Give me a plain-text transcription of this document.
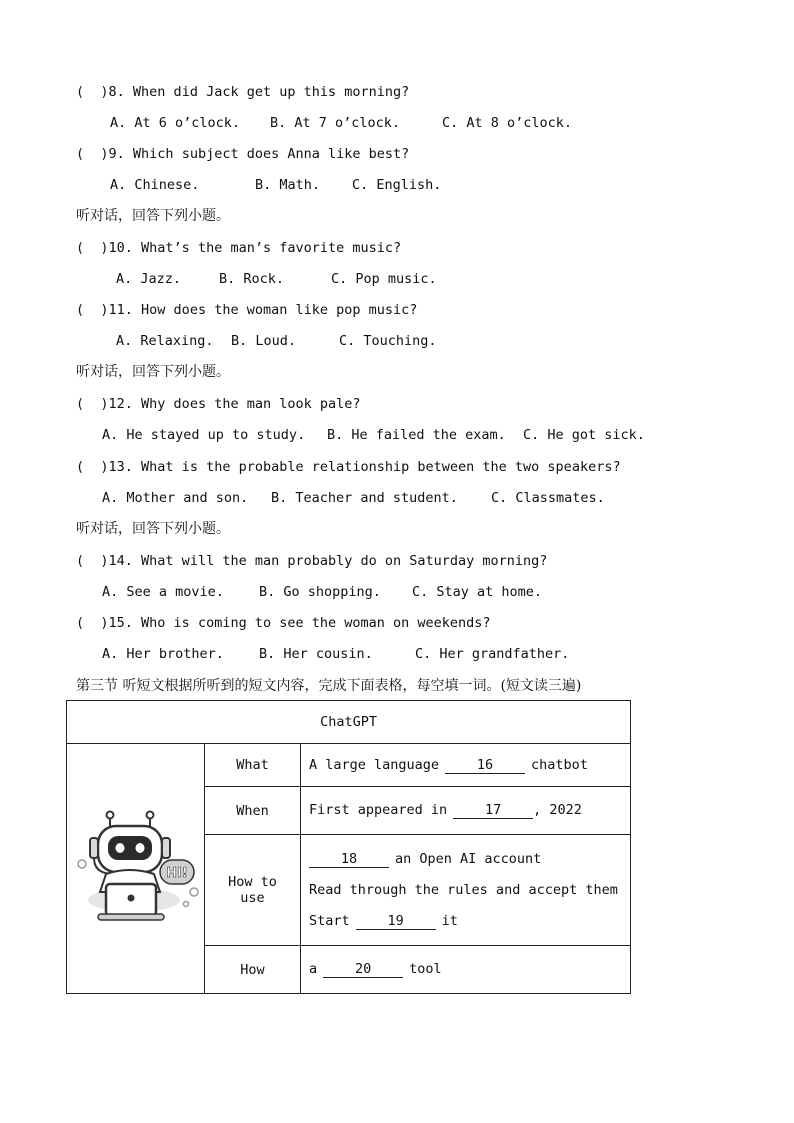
(  )8. When did Jack get up this morning?
A. At 6 o’clock. B. At 7 o’clock.	C. At 8 o’clock.
(  )9. Which subject does Anna like best?
A. Chinese.	B. Math. C. English.
听对话，回答下列小题。
(  )10. What’s the man’s favorite music?
A. Jazz.	B. Rock.	C. Pop music.
(  )11. How does the woman like pop music?
A. Relaxing. B. Loud.	C. Touching.
听对话，回答下列小题。
(  )12. Why does the man look pale?
A. He stayed up to study. B. He failed the exam. C. He got sick.
(  )13. What is the probable relationship between the two speakers?
A. Mother and son. B. Teacher and student. C. Classmates.
听对话，回答下列小题。
(  )14. What will the man probably do on Saturday morning?
A. See a movie.	B. Go shopping. C. Stay at home.
(  )15. Who is coming to see the woman on weekends?
A. Her brother.	B. Her cousin.	C. Her grandfather.
第三节 听短文根据所听到的短文内容，完成下面表格，每空填一词。(短文读三遍)
ChatGPT		

HI!	What	A large language 16 chatbot
	When	First appeared in 17 , 2022
	How to use	18 an Open AI account
Read through the rules and accept them
Start 19 it

	How	a 20 tool
